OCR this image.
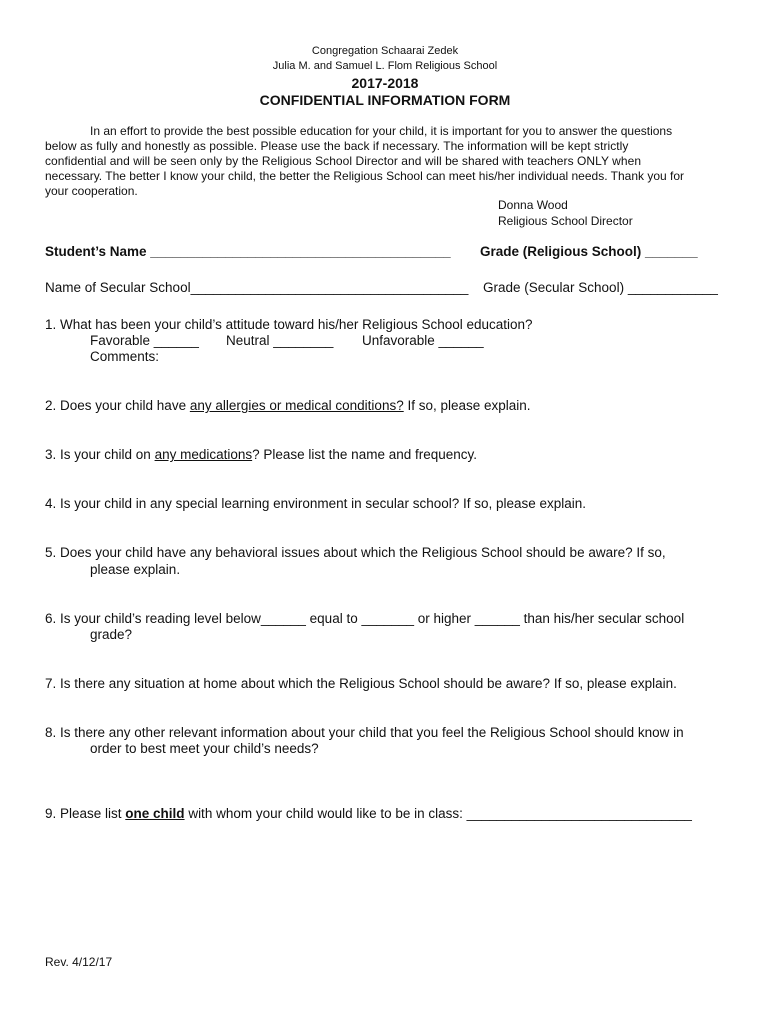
Congregation Schaarai Zedek
Julia M. and Samuel L. Flom Religious School
2017-2018
CONFIDENTIAL INFORMATION FORM
In an effort to provide the best possible education for your child, it is important for you to answer the questions
below as fully and honestly as possible. Please use the back if necessary. The information will be kept strictly
confidential and will be seen only by the Religious School Director and will be shared with teachers ONLY when
necessary. The better I know your child, the better the Religious School can meet his/her individual needs. Thank you for
your cooperation.
Donna Wood
Religious School Director
Student’s Name ________________________________________ Grade (Religious School) _______
Name of Secular School_____________________________________ Grade (Secular School) ____________
1. What has been your child’s attitude toward his/her Religious School education?
Favorable ______ Neutral ________ Unfavorable ______
Comments:
2. Does your child have any allergies or medical conditions? If so, please explain.
3. Is your child on any medications? Please list the name and frequency.
4. Is your child in any special learning environment in secular school? If so, please explain.
5. Does your child have any behavioral issues about which the Religious School should be aware? If so,
please explain.
6. Is your child’s reading level below______ equal to _______ or higher ______ than his/her secular school
grade?
7. Is there any situation at home about which the Religious School should be aware? If so, please explain.
8. Is there any other relevant information about your child that you feel the Religious School should know in
order to best meet your child’s needs?
9. Please list one child with whom your child would like to be in class: ______________________________
Rev. 4/12/17
